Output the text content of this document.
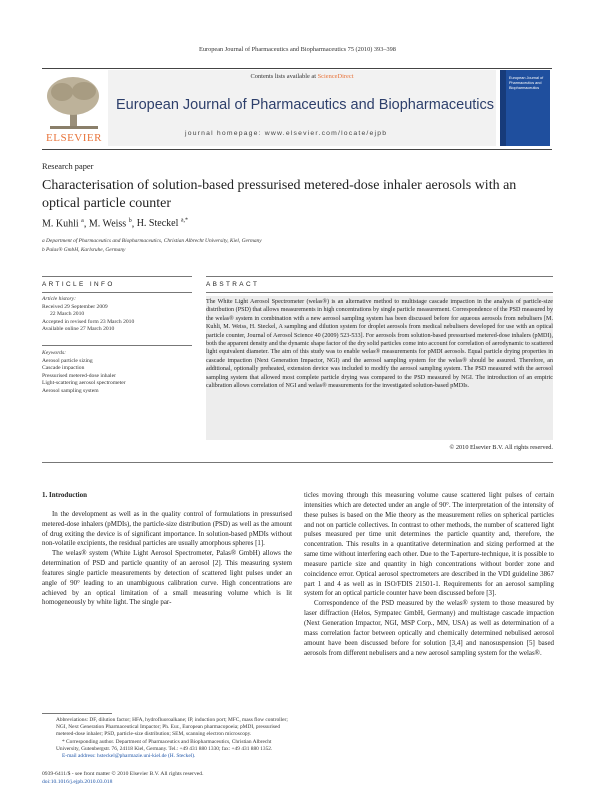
European Journal of Pharmaceutics and Biopharmaceutics 75 (2010) 393–398
ELSEVIER
Contents lists available at ScienceDirect
European Journal of Pharmaceutics and Biopharmaceutics
journal homepage: www.elsevier.com/locate/ejpb
European Journal of Pharmaceutics and Biopharmaceutics
Research paper
Characterisation of solution-based pressurised metered-dose inhaler aerosols with an optical particle counter
M. Kuhli $^a$, M. Weiss $^b$, H. Steckel $^{a,*}$
a Department of Pharmaceutics and Biopharmaceutics, Christian Albrecht University, Kiel, Germany
b Palas® GmbH, Karlsruhe, Germany
ARTICLE INFO	ABSTRACT
Article history:
Received 29 September 2009
22 March 2010
Accepted in revised form 23 March 2010
Available online 27 March 2010
Keywords:
Aerosol particle sizing
Cascade impaction
Pressurised metered-dose inhaler
Light-scattering aerosol spectrometer
Aerosol sampling system
The White Light Aerosol Spectrometer (welas®) is an alternative method to multistage cascade impaction in the analysis of particle-size distribution (PSD) that allows measurements in high concentrations by single particle measurement. Correspondence of the PSD measured by the welas® system in combination with a new aerosol sampling system has been discussed before for aqueous aerosols from nebulisers [M. Kuhli, M. Weiss, H. Steckel, A sampling and dilution system for droplet aerosols from medical nebulisers developed for use with an optical particle counter, Journal of Aerosol Science 40 (2009) 523-533]. For aerosols from solution-based pressurised metered-dose inhalers (pMDI), both the apparent density and the dynamic shape factor of the dry solid particles come into account for correlation of aerodynamic to scattered light equivalent diameter. The aim of this study was to enable welas® measurements for pMDI aerosols. Equal particle drying properties in cascade impaction (Next Generation Impactor, NGI) and the aerosol sampling system for the welas® should be assured. Therefore, an additional, optionally preheated, extension device was included to modify the aerosol sampling system. The PSD measured with the aerosol sampling system that allowed most complete particle drying was compared to the PSD measured by NGI. The introduction of an empiric calibration allows correlation of NGI and welas® measurements for the investigated solution-based pMDIs.
© 2010 Elsevier B.V. All rights reserved.

1. Introduction

In the development as well as in the quality control of formulations in pressurised metered-dose inhalers (pMDIs), the particle-size distribution (PSD) as well as the amount of drug exiting the device is of significant importance. In solution-based pMDIs without non-volatile excipients, the residual particles are usually amorphous spheres [1].

The welas® system (White Light Aerosol Spectrometer, Palas® GmbH) allows the determination of PSD and particle quantity of an aerosol [2]. This measuring system features single particle measurements by detection of scattered light pulses under an angle of 90° leading to an unambiguous calibration curve. High concentrations are achieved by an optical limitation of a small measuring volume which is lit homogeneously by white light. The single par-

ticles moving through this measuring volume cause scattered light pulses of certain intensities which are detected under an angle of 90°. The interpretation of the intensity of these pulses is based on the Mie theory as the measurement relies on spherical particles and not on particle collectives. In contrast to other methods, the number of scattered light pulses measured per time unit determines the particle quantity and, therefore, the concentration. This results in a quantitative determination and sizing performed at the same time without interfering each other. Due to the T-aperture-technique, it is possible to measure particle size and quantity in high concentrations without border zone and coincidence error. Optical aerosol spectrometers are described in the VDI guideline 3867 part 1 and 4 as well as in ISO/FDIS 21501-1. Requirements for an aerosol sampling system for an optical particle counter have been discussed before [3].

Correspondence of the PSD measured by the welas® system to those measured by laser diffraction (Helos, Sympatec GmbH, Germany) and multistage cascade impaction (Next Generation Impactor, NGI, MSP Corp., MN, USA) as well as determination of a mass correlation factor between optically and chemically determined nebulised aerosol amount have been discussed before for solution [3,4] and nanosuspension [5] based aerosols from different nebulisers and a new aerosol sampling system for the welas®.

Abbreviations: DF, dilution factor; HFA, hydrofluoroalkane; IP, induction port; MFC, mass flow controller; NGI, Next Generation Pharmaceutical Impactor; Ph. Eur., European pharmacopoeia; pMDI, pressurised metered-dose inhaler; PSD, particle-size distribution; SEM, scanning electron microscopy.
* Corresponding author. Department of Pharmaceutics and Biopharmaceutics, Christian Albrecht University, Gutenbergstr. 76, 24118 Kiel, Germany. Tel.: +49 431 880 1330; fax: +49 431 880 1352.
E-mail address: hsteckel@pharmazie.uni-kiel.de (H. Steckel).
0939-6411/$ - see front matter © 2010 Elsevier B.V. All rights reserved.
doi:10.1016/j.ejpb.2010.03.018
